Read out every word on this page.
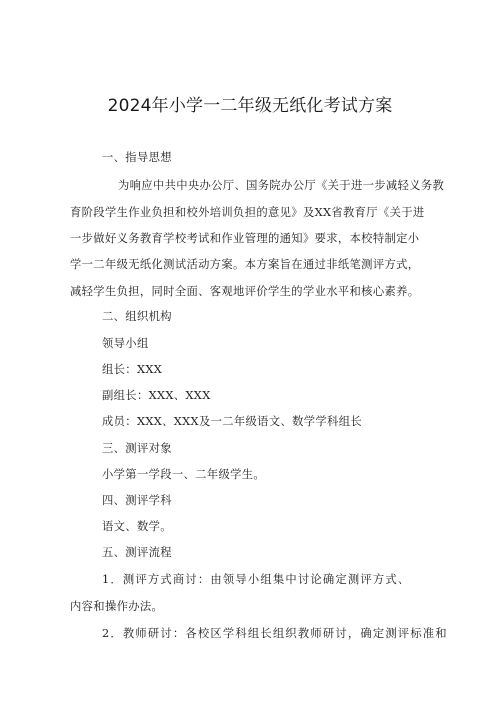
2024年小学一二年级无纸化考试方案
一、指导思想
为响应中共中央办公厅、国务院办公厅《关于进一步减轻义务教
育阶段学生作业负担和校外培训负担的意见》及XX省教育厅《关于进
一步做好义务教育学校考试和作业管理的通知》要求，本校特制定小
学一二年级无纸化测试活动方案。本方案旨在通过非纸笔测评方式，
减轻学生负担，同时全面、客观地评价学生的学业水平和核心素养。
二、组织机构
领导小组
组长：XXX
副组长：XXX、XXX
成员：XXX、XXX及一二年级语文、数学学科组长
三、测评对象
小学第一学段一、二年级学生。
四、测评学科
语文、数学。
五、测评流程
1．测评方式商讨：由领导小组集中讨论确定测评方式、
内容和操作办法。
2．教师研讨：各校区学科组长组织教师研讨，确定测评标准和
